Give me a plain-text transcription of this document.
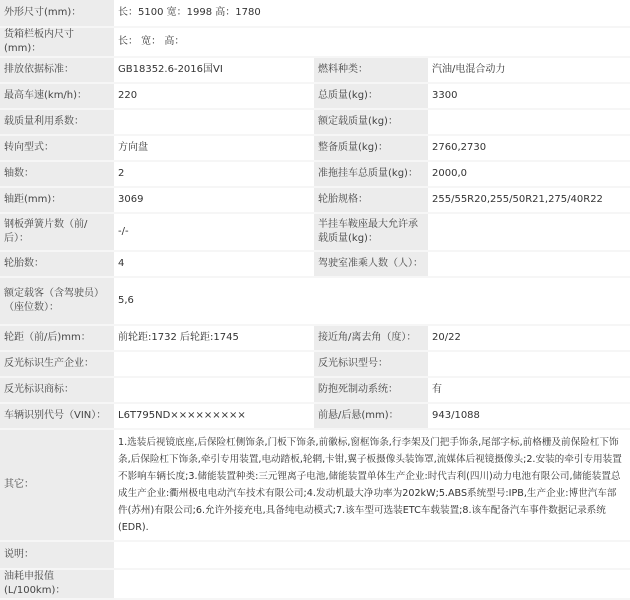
外形尺寸(mm)：	长：5100 宽：1998 高：1780		
货箱栏板内尺寸(mm)：	长： 宽： 高：		
排放依据标准：	GB18352.6-2016国VI	燃料种类：	汽油/电混合动力
最高车速(km/h)：	220	总质量(kg)：	3300
载质量利用系数：		额定载质量(kg)：	
转向型式：	方向盘	整备质量(kg)：	2760,2730
轴数：	2	准拖挂车总质量(kg)：	2000,0
轴距(mm)：	3069	轮胎规格：	255/55R20,255/50R21,275/40R22
钢板弹簧片数（前/后）：	-/-	半挂车鞍座最大允许承载质量(kg)：	
轮胎数：	4	驾驶室准乘人数（人）：	
额定载客（含驾驶员）（座位数）：	5,6		
轮距（前/后)mm：	前轮距:1732 后轮距:1745	接近角/离去角（度）：	20/22
反光标识生产企业：		反光标识型号：	
反光标识商标：		防抱死制动系统：	有
车辆识别代号（VIN）：	L6T795ND×××××××××	前悬/后悬(mm)：	943/1088
其它：	1.选装后视镜底座,后保险杠侧饰条,门板下饰条,前徽标,窗框饰条,行李架及门把手饰条,尾部字标,前格栅及前保险杠下饰条,后保险杠下饰条,牵引专用装置,电动踏板,轮辋,卡钳,翼子板摄像头装饰罩,流媒体后视镜摄像头;2.安装的牵引专用装置不影响车辆长度;3.储能装置种类:三元锂离子电池,储能装置单体生产企业:时代吉利(四川)动力电池有限公司,储能装置总成生产企业:衢州极电电动汽车技术有限公司;4.发动机最大净功率为202kW;5.ABS系统型号:IPB,生产企业:博世汽车部件(苏州)有限公司;6.允许外接充电,具备纯电动模式;7.该车型可选装ETC车载装置;8.该车配备汽车事件数据记录系统(EDR).		
说明：			
油耗申报值(L/100km)：			
